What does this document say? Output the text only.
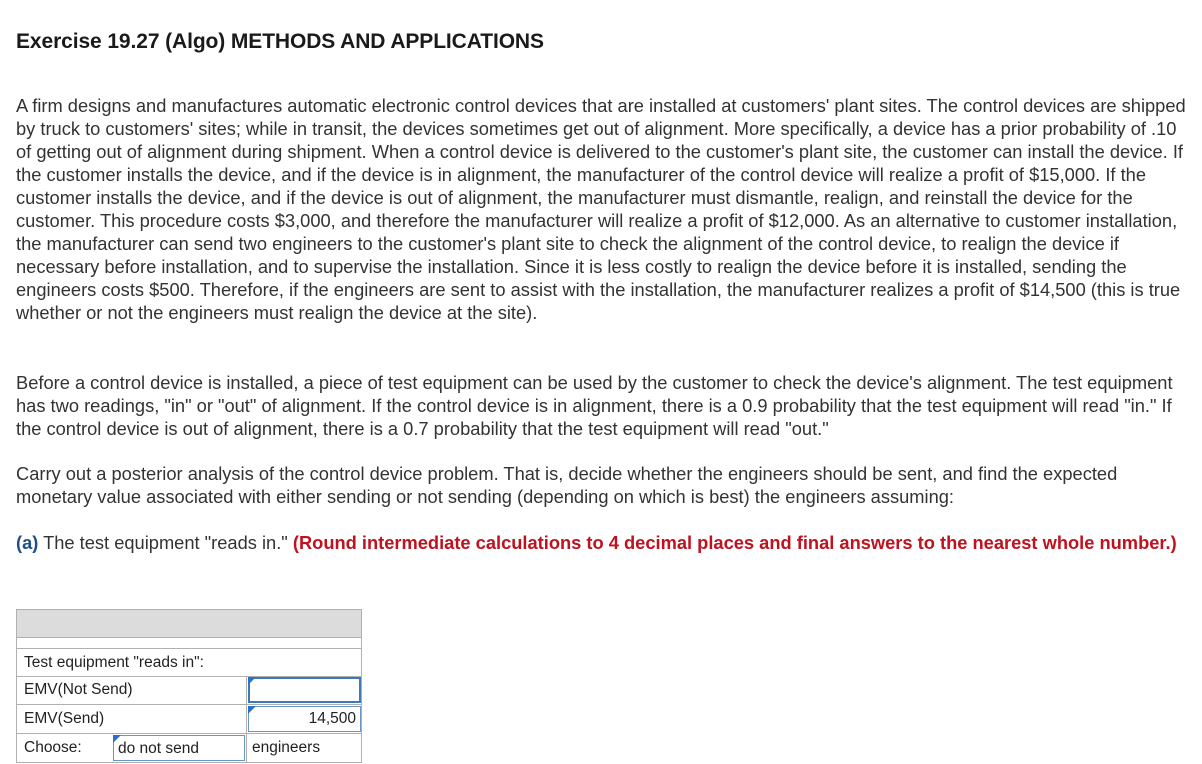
Exercise 19.27 (Algo) METHODS AND APPLICATIONS

A firm designs and manufactures automatic electronic control devices that are installed at customers' plant sites. The control devices are shipped by truck to customers' sites; while in transit, the devices sometimes get out of alignment. More specifically, a device has a prior probability of .10 of getting out of alignment during shipment. When a control device is delivered to the customer's plant site, the customer can install the device. If the customer installs the device, and if the device is in alignment, the manufacturer of the control device will realize a profit of $15,000. If the customer installs the device, and if the device is out of alignment, the manufacturer must dismantle, realign, and reinstall the device for the customer. This procedure costs $3,000, and therefore the manufacturer will realize a profit of $12,000. As an alternative to customer installation, the manufacturer can send two engineers to the customer's plant site to check the alignment of the control device, to realign the device if necessary before installation, and to supervise the installation. Since it is less costly to realign the device before it is installed, sending the engineers costs $500. Therefore, if the engineers are sent to assist with the installation, the manufacturer realizes a profit of $14,500 (this is true whether or not the engineers must realign the device at the site).

Before a control device is installed, a piece of test equipment can be used by the customer to check the device's alignment. The test equipment has two readings, "in" or "out" of alignment. If the control device is in alignment, there is a 0.9 probability that the test equipment will read "in." If the control device is out of alignment, there is a 0.7 probability that the test equipment will read "out."

Carry out a posterior analysis of the control device problem. That is, decide whether the engineers should be sent, and find the expected monetary value associated with either sending or not sending (depending on which is best) the engineers assuming:

(a) The test equipment "reads in." (Round intermediate calculations to 4 decimal places and final answers to the nearest whole number.)

Test equipment "reads in":
EMV(Not Send)
EMV(Send)
14,500
Choose:	do not send	engineers
